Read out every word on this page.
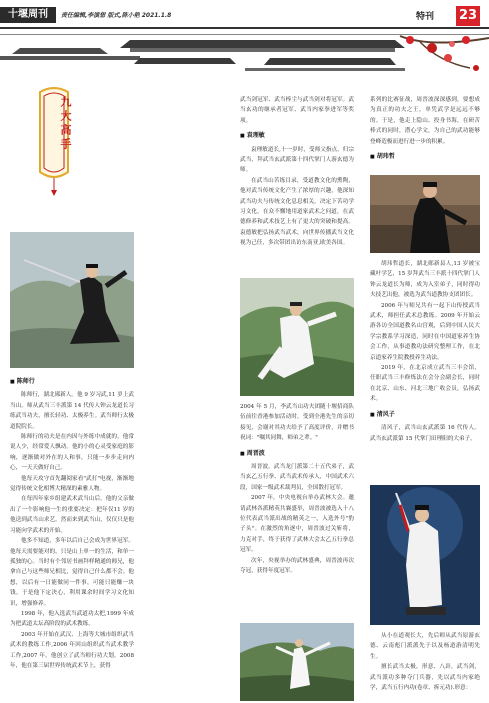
十堰周刊	责任编辑,李演想 版式,陈小艳 2021.1.8	特刊 23
九大高手
■ 陈师行

陈师行，湖北郧新人。他 9 岁习武,11 岁上武当山。师从武当三丰派第 14 代传人钟云龙道长习练武当功夫，擅长轻功、太极养生。武当师行太极道院院长。

陈师行的功夫是在内因与外练中成就的。他常说人少，经常爱人飘动。他的小的心灵受家庭的影响，逐渐做对外在的人和事，只能一步步走向内心，一天天做好自己。

他每天攻守首先翻阅家看"武打"电视，渐渐地觉得传统文化相博大精深的素雅人物。

在每四年家乡组建武术武当山后，他的父亲做出了一个影响他一生的重要决定：把年仅11 岁的他送到武当山求艺。然而来到武当山，仅仅只是他习能向学武术的开始。

他多不知道，多年以后自己会成为世界冠军。他每天需要能对的，只是山上单一的生活，和单一孤独的心。当时有个邻居书画拜样精通的师兄，他拿自己与这些师兄相比，觉得自己什么都不会。他想，以后有一日能做同一件事，可能只能赚一块钱。于是他下定决心，利用课余时间学习文化知识，增强修养。

1998 年，他入选武当武道功太把,1999 年成为把武道太坛高阶段的武术教练。

2003 年开始在武汉、上海等大城市组织武当武术的教练工作,2006 年回山组织武当武术教学工作,2007 年，他创立了武当师行功大划。2008 年，他在第三届世界传统武术节上，获得

武当剑冠军、武当棒尘与武当剑对将冠军。武当玄功的继承者冠军、武当内家拳进军等奖项。
■ 袁理敏

袁理敏道长,十一岁时，受师父指点，归宗武当，拜武当玄武派第十四代掌门人游玄德为师。

在武当山苦练目录，受道教文化的熏陶，他对武当传统文化产生了浓厚的兴趣，他深知武当功夫与传统文化息息相关，决定下苦功学习文化，在众不懈地用道家武术之问道，在武德修养和武术技艺上有了更大的突破和提高。袁德敏把弘扬武当武术，向世界传播武当文化视为己任，多次带团出访东南亚,欧美各国。

2004 年 5 月，李武当山功夫团随十堰招商队伍前往香港参加活动时，受到全港先生的亲切接见，会谢对其功夫给予了高度评价，并赠书祝词："嘱其同舞，师弟之辈。"
■ 周晋波

周晋波，武当龙门派第二十五代弟子，武当玄乙五行拳、武当武术传承人，中国武术六段，国家一级武术裁判员，全国散打冠军。

2007 年，中央电视台举办武林大会。邀请武林各派精英共襄盛举，周晋波被选入十八位代表武当派出战的精英之一，入选外号"豹子头"。在激烈的角逐中，周晋波过关斩将，力克对手，终于获得了武林大会太乙五行拳总冠军。

次年，央视举办的武林盛典，周晋波再次夺冠，获得年度冠军。

系列的比赛征战，周晋波深深感到，要想成为真正的功夫之王，单凭武学是远远不够的。于是，他走上隐山、投身书海，在研苦棒式的同时，潜心学文，为自己的武功能够登峰造极而进行进一步的积累。
■ 胡玮哲

胡玮哲道长，湖北郧新县人,13 岁被宝藏叶学艺，15 岁拜武当三丰派十四代掌门人钟云龙道长为师，成为入室弟子，同时得功夫技艺出他，被选为武当道教协支团团长。

2006 年与师兄共有一起下山传授武当武术，师担任武术总教练。2009 年开始云游各访全国道教名山宫观，后到中国人民大学宗教系学习深造，同时在中国道家养生协会工作，从事道教功法研究整理工作，在北京道家养生院教授养生功法。

2019 年，在北京成立武当三丰会馆，任职武当三丰修炼法在会分会副会长，同时在北京、山东、河北三地广收会员，弘扬武术。

■ 清风子

清风子，武当山玄武派第 16 代传人。武当玄武派第 15 代掌门田理阳的大弟子。

从小在道观长大，先后师从武当原游玄德、云南彪门派派先于以及杨道游清明先生。

擅长武当太极，形意、八卦，武当剑，武当派功多种夺门兵器，先以武当内家绝学，武当五行内功(卷章、拆元功).形意：
